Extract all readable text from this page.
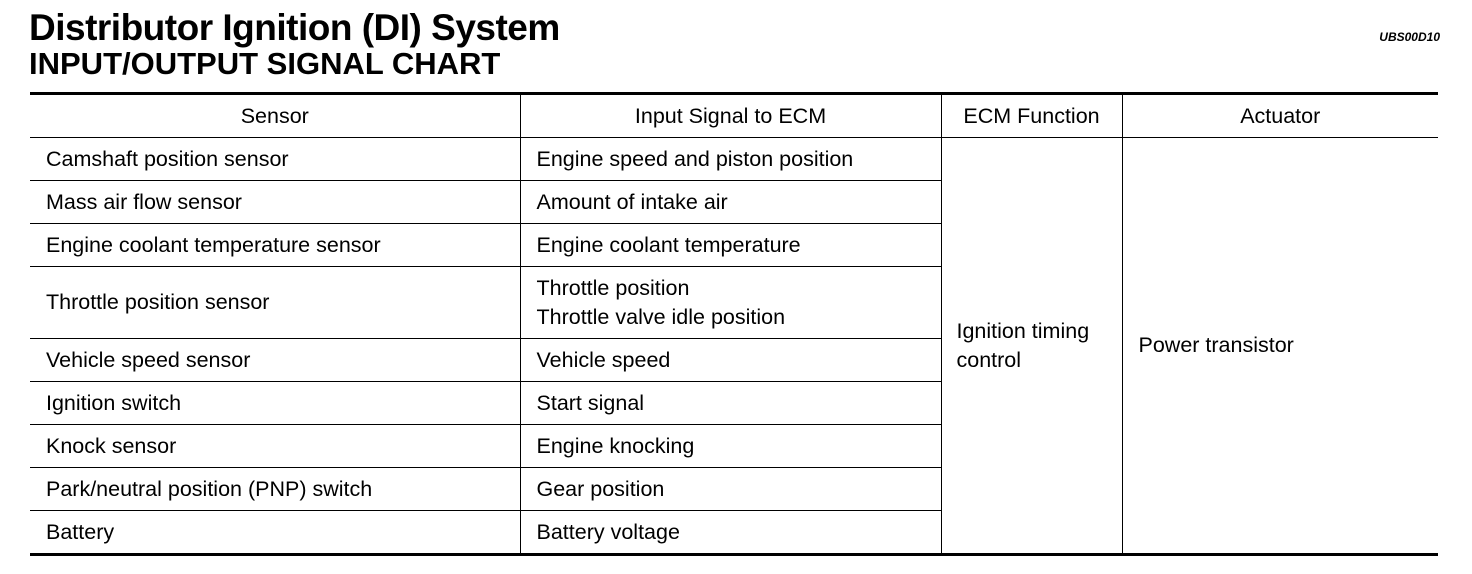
Distributor Ignition (DI) System
INPUT/OUTPUT SIGNAL CHART
UBS00D10
Sensor	Input Signal to ECM	ECM Function	Actuator
Camshaft position sensor	Engine speed and piston position	Ignition timing control	Power transistor
Mass air flow sensor	Amount of intake air		

Engine coolant temperature sensor	Engine coolant temperature		

Throttle position sensor	Throttle position
Throttle valve idle position		

Vehicle speed sensor	Vehicle speed		

Ignition switch	Start signal		

Knock sensor	Engine knocking		

Park/neutral position (PNP) switch	Gear position		

Battery	Battery voltage		
